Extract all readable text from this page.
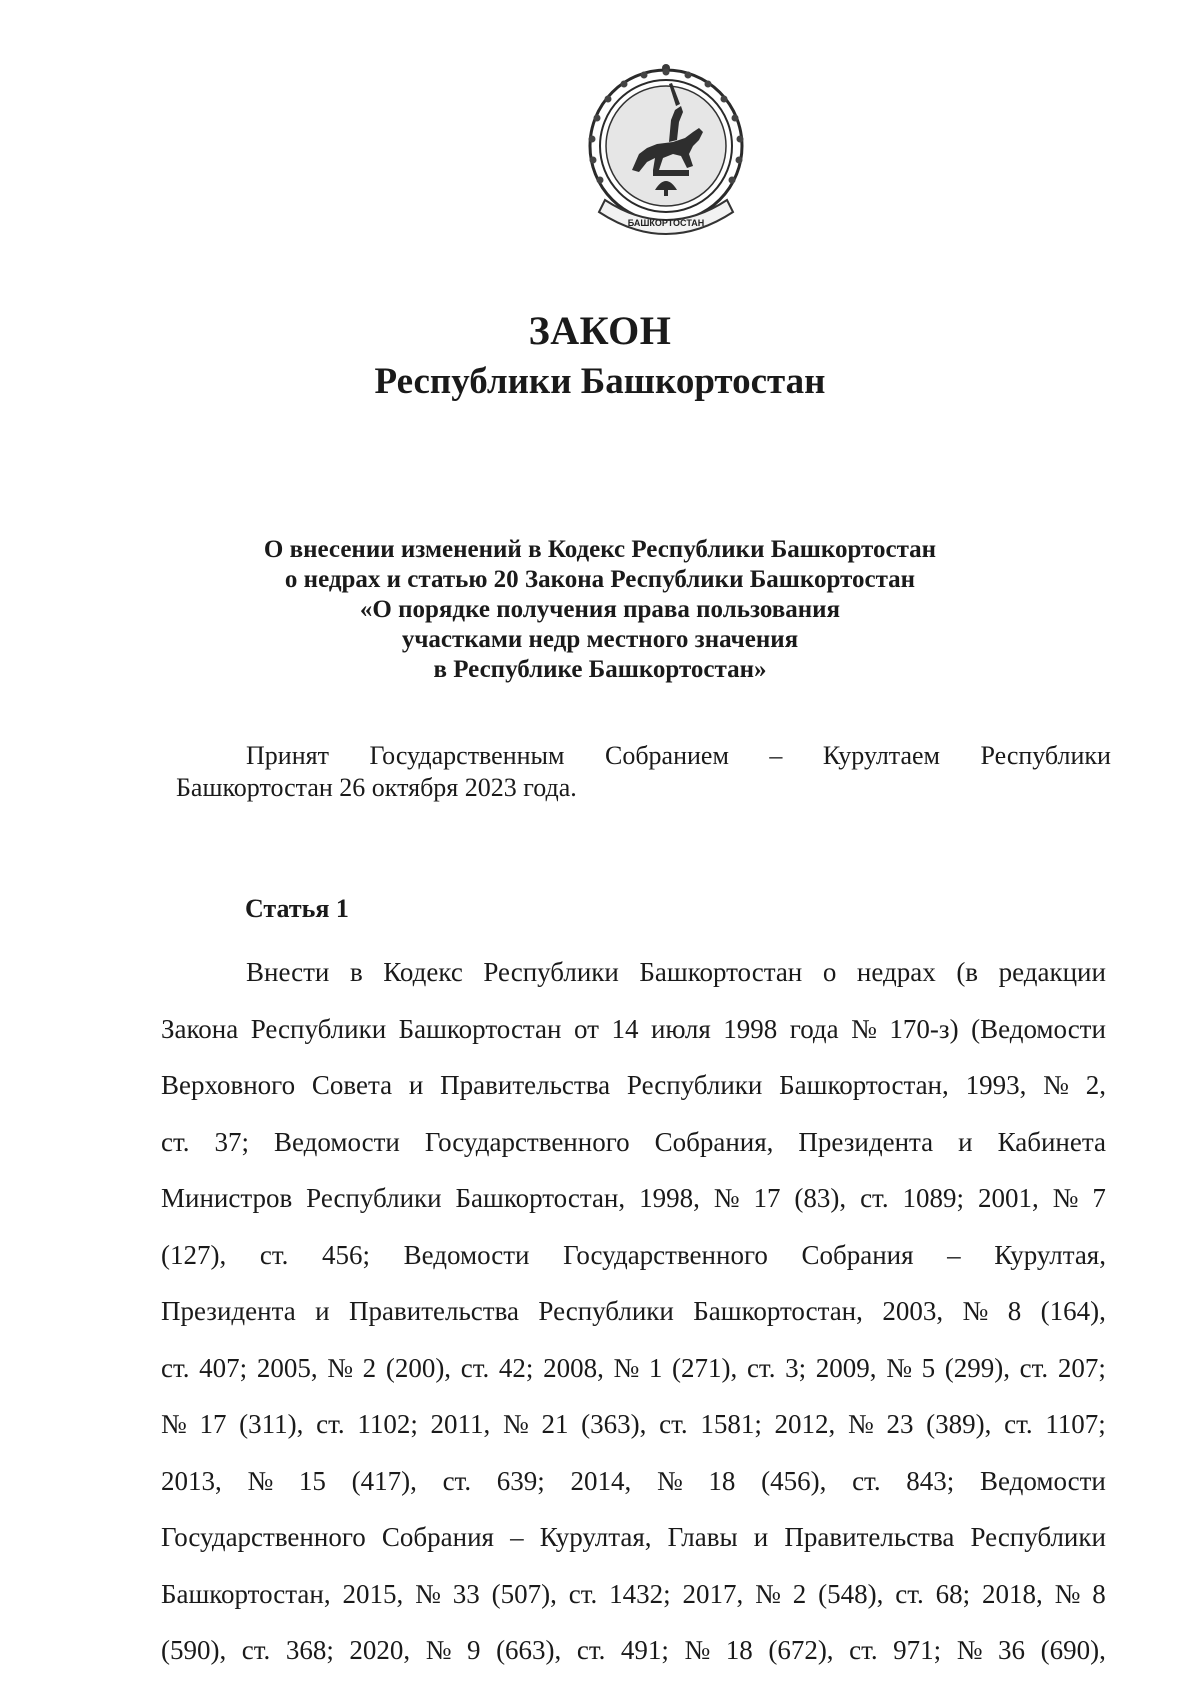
БАШКОРТОСТАН
ЗАКОН
Республики Башкортостан
О внесении изменений в Кодекс Республики Башкортостан
о недрах и статью 20 Закона Республики Башкортостан
«О порядке получения права пользования
участками недр местного значения
в Республике Башкортостан»
Принят Государственным Собранием – Курултаем Республики
Башкортостан 26 октября 2023 года.
Статья 1
Внести в Кодекс Республики Башкортостан о недрах (в редакции
Закона Республики Башкортостан от 14 июля 1998 года № 170-з) (Ведомости
Верховного Совета и Правительства Республики Башкортостан, 1993, № 2,
ст. 37; Ведомости Государственного Собрания, Президента и Кабинета
Министров Республики Башкортостан, 1998, № 17 (83), ст. 1089; 2001, № 7
(127), ст. 456; Ведомости Государственного Собрания – Курултая,
Президента и Правительства Республики Башкортостан, 2003, № 8 (164),
ст. 407; 2005, № 2 (200), ст. 42; 2008, № 1 (271), ст. 3; 2009, № 5 (299), ст. 207;
№ 17 (311), ст. 1102; 2011, № 21 (363), ст. 1581; 2012, № 23 (389), ст. 1107;
2013, № 15 (417), ст. 639; 2014, № 18 (456), ст. 843; Ведомости
Государственного Собрания – Курултая, Главы и Правительства Республики
Башкортостан, 2015, № 33 (507), ст. 1432; 2017, № 2 (548), ст. 68; 2018, № 8
(590), ст. 368; 2020, № 9 (663), ст. 491; № 18 (672), ст. 971; № 36 (690),
